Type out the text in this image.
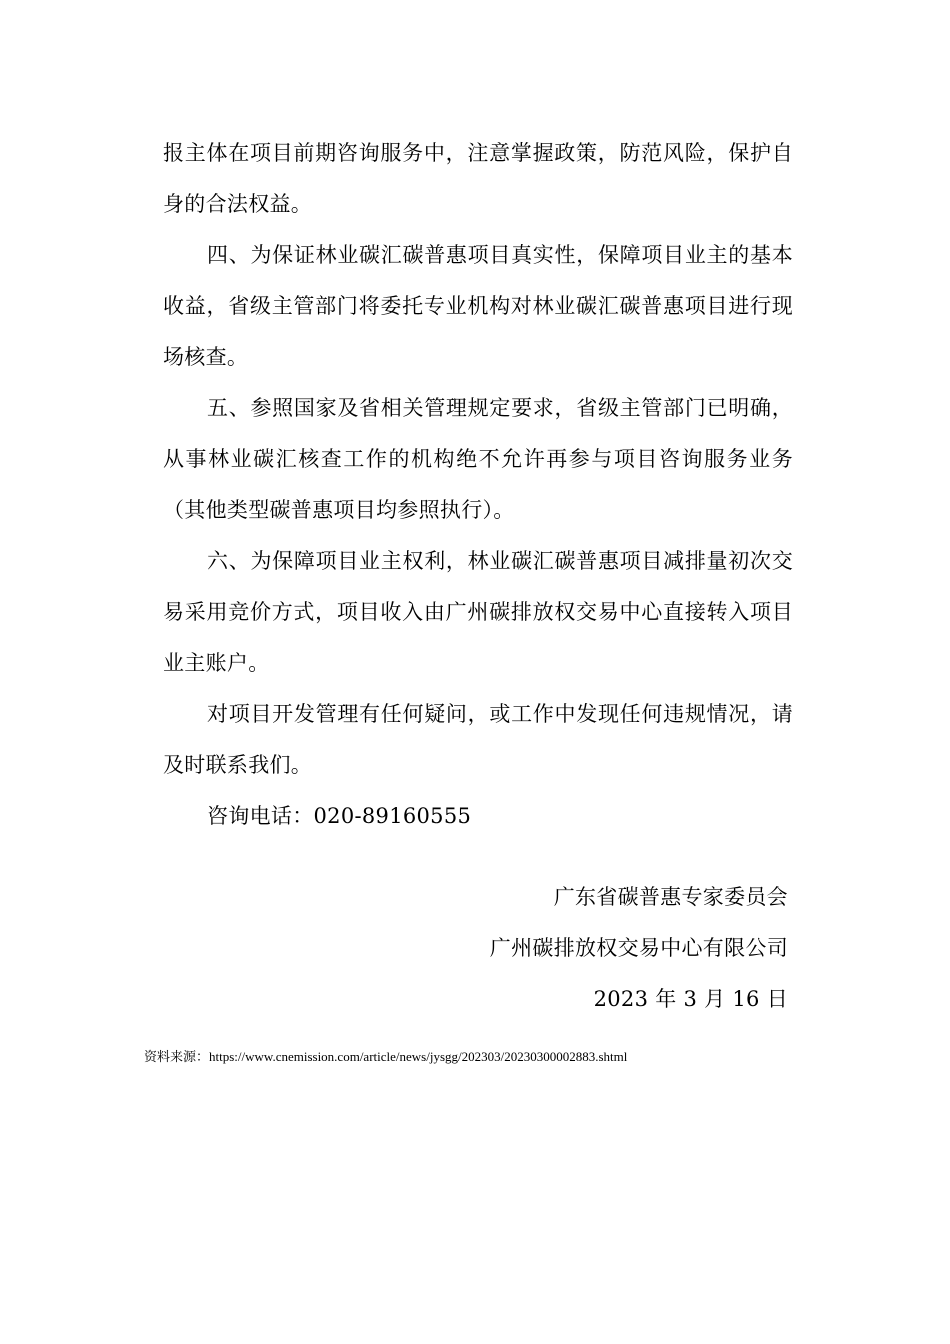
报主体在项目前期咨询服务中，注意掌握政策，防范风险，保护自身的合法权益。

四、为保证林业碳汇碳普惠项目真实性，保障项目业主的基本收益，省级主管部门将委托专业机构对林业碳汇碳普惠项目进行现场核查。

五、参照国家及省相关管理规定要求，省级主管部门已明确，从事林业碳汇核查工作的机构绝不允许再参与项目咨询服务业务（其他类型碳普惠项目均参照执行）。

六、为保障项目业主权利，林业碳汇碳普惠项目减排量初次交易采用竞价方式，项目收入由广州碳排放权交易中心直接转入项目业主账户。

对项目开发管理有任何疑问，或工作中发现任何违规情况，请及时联系我们。

咨询电话：020-89160555

广东省碳普惠专家委员会
广州碳排放权交易中心有限公司
2023 年 3 月 16 日
资料来源：https://www.cnemission.com/article/news/jysgg/202303/20230300002883.shtml
